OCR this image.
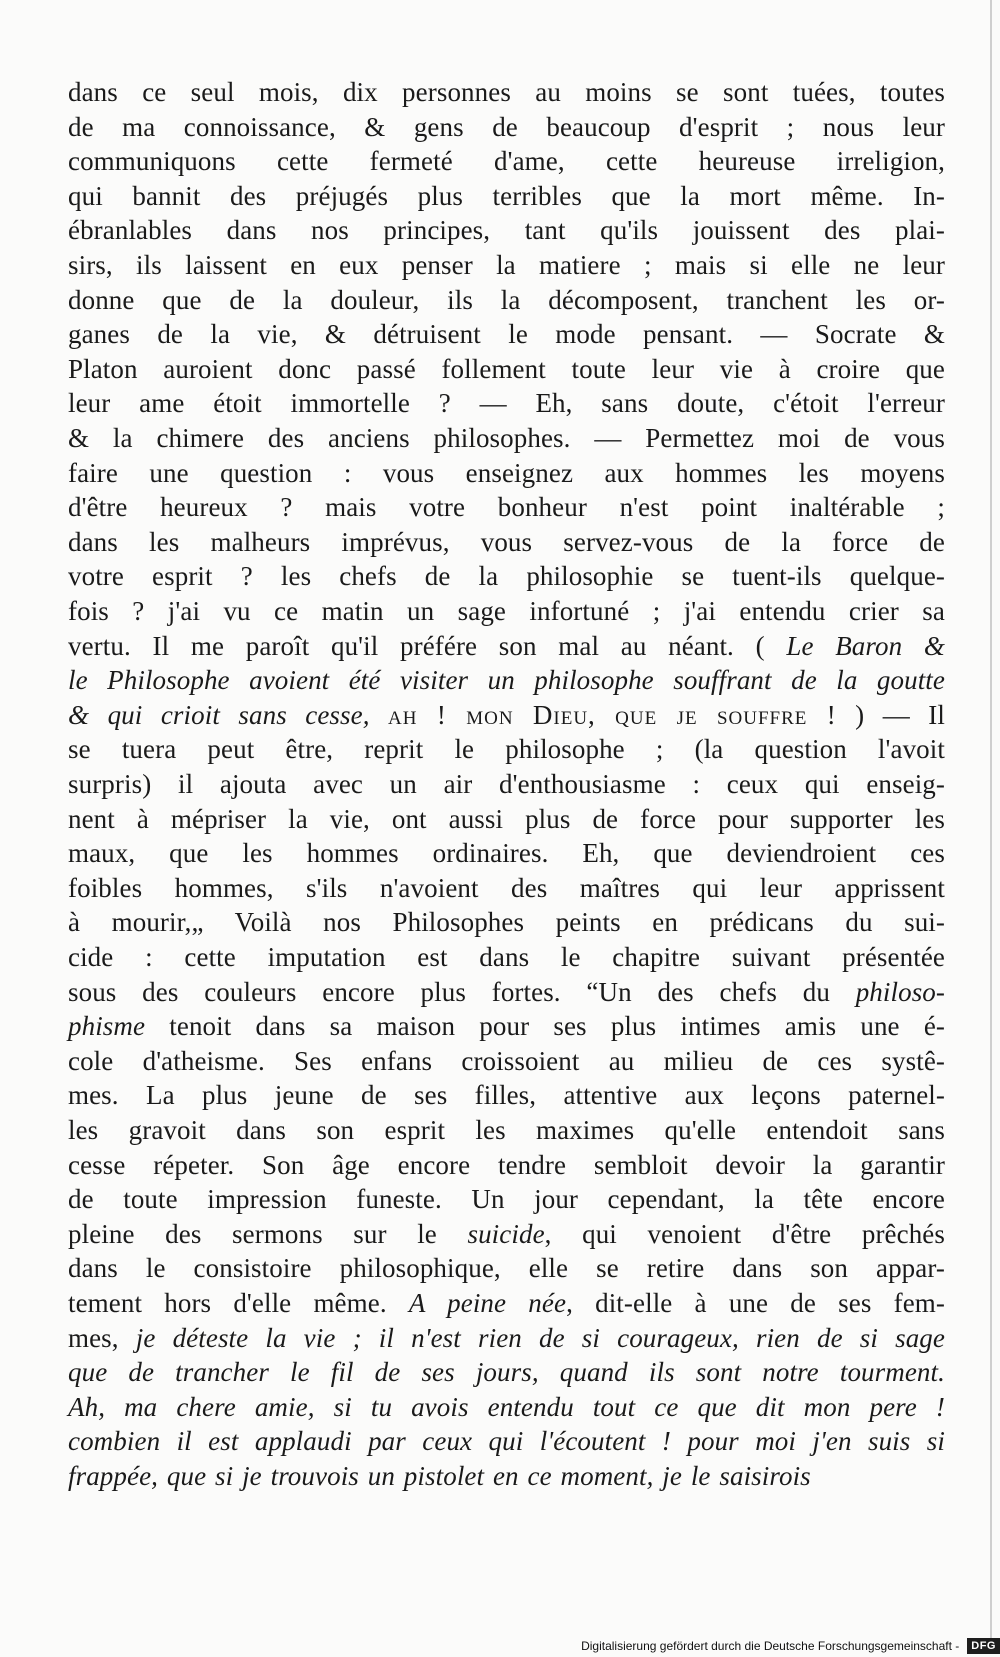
dans ce seul mois, dix personnes au moins se sont tuées, toutes
de ma connoissance, & gens de beaucoup d'esprit ; nous leur
communiquons cette fermeté d'ame, cette heureuse irreligion,
qui bannit des préjugés plus terribles que la mort même. In-
ébranlables dans nos principes, tant qu'ils jouissent des plai-
sirs, ils laissent en eux penser la matiere ; mais si elle ne leur
donne que de la douleur, ils la décomposent, tranchent les or-
ganes de la vie, & détruisent le mode pensant. — Socrate &
Platon auroient donc passé follement toute leur vie à croire que
leur ame étoit immortelle ? — Eh, sans doute, c'étoit l'erreur
& la chimere des anciens philosophes. — Permettez moi de vous
faire une question : vous enseignez aux hommes les moyens
d'être heureux ? mais votre bonheur n'est point inaltérable ;
dans les malheurs imprévus, vous servez-vous de la force de
votre esprit ? les chefs de la philosophie se tuent-ils quelque-
fois ? j'ai vu ce matin un sage infortuné ; j'ai entendu crier sa
vertu. Il me paroît qu'il préfére son mal au néant. ( Le Baron &
le Philosophe avoient été visiter un philosophe souffrant de la goutte
& qui crioit sans cesse, ah ! mon Dieu, que je souffre ! ) — Il
se tuera peut être, reprit le philosophe ; (la question l'avoit
surpris) il ajouta avec un air d'enthousiasme : ceux qui enseig-
nent à mépriser la vie, ont aussi plus de force pour supporter les
maux, que les hommes ordinaires. Eh, que deviendroient ces
foibles hommes, s'ils n'avoient des maîtres qui leur apprissent
à mourir,„ Voilà nos Philosophes peints en prédicans du sui-
cide : cette imputation est dans le chapitre suivant présentée
sous des couleurs encore plus fortes. “Un des chefs du philoso-
phisme tenoit dans sa maison pour ses plus intimes amis une é-
cole d'atheisme. Ses enfans croissoient au milieu de ces systê-
mes. La plus jeune de ses filles, attentive aux leçons paternel-
les gravoit dans son esprit les maximes qu'elle entendoit sans
cesse répeter. Son âge encore tendre sembloit devoir la garantir
de toute impression funeste. Un jour cependant, la tête encore
pleine des sermons sur le suicide, qui venoient d'être prêchés
dans le consistoire philosophique, elle se retire dans son appar-
tement hors d'elle même. A peine née, dit-elle à une de ses fem-
mes, je déteste la vie ; il n'est rien de si courageux, rien de si sage
que de trancher le fil de ses jours, quand ils sont notre tourment.
Ah, ma chere amie, si tu avois entendu tout ce que dit mon pere !
combien il est applaudi par ceux qui l'écoutent ! pour moi j'en suis si
frappée, que si je trouvois un pistolet en ce moment, je le saisirois
Digitalisierung gefördert durch die Deutsche Forschungsgemeinschaft -	DFG
